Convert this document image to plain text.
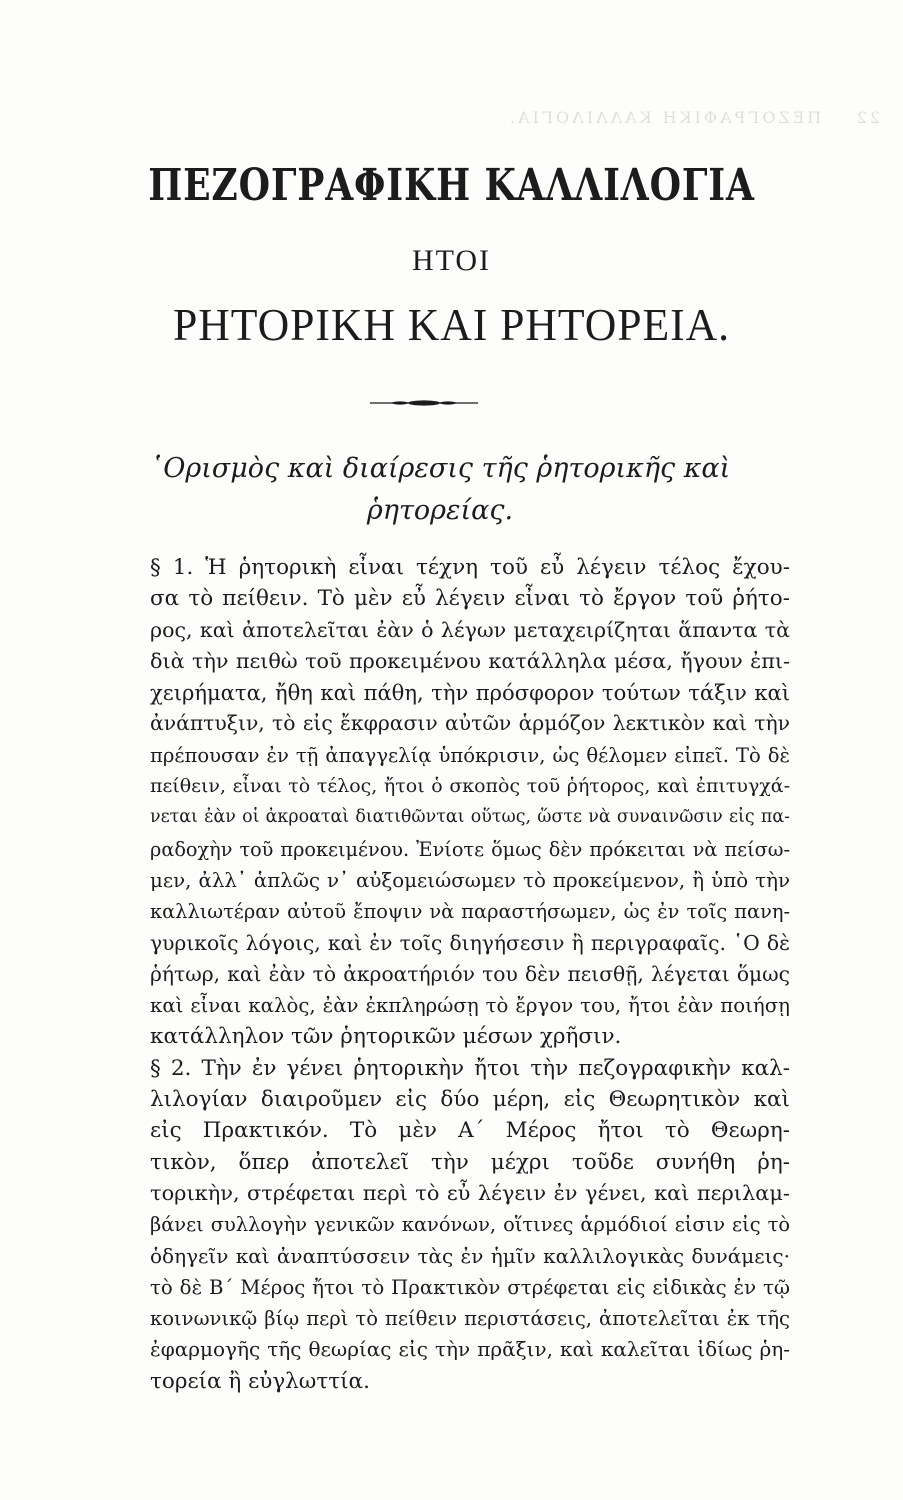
22    ΠΕΖΟΓΡΑΦΙΚΗ ΚΑΛΛΙΛΟΓΙΑ.
ΠΕΖΟΓΡΑΦΙΚΗ ΚΑΛΛΙΛΟΓΙΑ
ΗΤΟΙ
ΡΗΤΟΡΙΚΗ ΚΑΙ ΡΗΤΟΡΕΙΑ.
῾Ορισμὸς καὶ διαίρεσις τῆς ῥητορικῆς καὶ
ῥητορείας.
§ 1. Ἡ ῥητορικὴ εἶναι τέχνη τοῦ εὖ λέγειν τέλος ἔχου-
σα τὸ πείθειν. Τὸ μὲν εὖ λέγειν εἶναι τὸ ἔργον τοῦ ῥήτο-
ρος, καὶ ἀποτελεῖται ἐὰν ὁ λέγων μεταχειρίζηται ἅπαντα τὰ
διὰ τὴν πειθὼ τοῦ προκειμένου κατάλληλα μέσα, ἤγουν ἐπι-
χειρήματα, ἤθη καὶ πάθη, τὴν πρόσφορον τούτων τάξιν καὶ
ἀνάπτυξιν, τὸ εἰς ἔκφρασιν αὐτῶν ἁρμόζον λεκτικὸν καὶ τὴν
πρέπουσαν ἐν τῇ ἀπαγγελίᾳ ὑπόκρισιν, ὡς θέλομεν εἰπεῖ. Τὸ δὲ
πείθειν, εἶναι τὸ τέλος, ἤτοι ὁ σκοπὸς τοῦ ῥήτορος, καὶ ἐπιτυγχά-
νεται ἐὰν οἱ ἀκροαταὶ διατιθῶνται οὕτως, ὥστε νὰ συναινῶσιν εἰς πα-
ραδοχὴν τοῦ προκειμένου. Ἐνίοτε ὅμως δὲν πρόκειται νὰ πείσω-
μεν, ἀλλ᾽ ἁπλῶς ν᾽ αὐξομειώσωμεν τὸ προκείμενον, ἢ ὑπὸ τὴν
καλλιωτέραν αὐτοῦ ἔποψιν νὰ παραστήσωμεν, ὡς ἐν τοῖς πανη-
γυρικοῖς λόγοις, καὶ ἐν τοῖς διηγήσεσιν ἢ περιγραφαῖς. ῾Ο δὲ
ῥήτωρ, καὶ ἐὰν τὸ ἀκροατήριόν του δὲν πεισθῇ, λέγεται ὅμως
καὶ εἶναι καλὸς, ἐὰν ἐκπληρώσῃ τὸ ἔργον του, ἤτοι ἐὰν ποιήσῃ
κατάλληλον τῶν ῥητορικῶν μέσων χρῆσιν.
§ 2. Τὴν ἐν γένει ῥητορικὴν ἤτοι τὴν πεζογραφικὴν καλ-
λιλογίαν διαιροῦμεν εἰς δύο μέρη, εἰς Θεωρητικὸν καὶ
εἰς Πρακτικόν. Τὸ μὲν Α΄ Μέρος ἤτοι τὸ Θεωρη-
τικὸν, ὅπερ ἀποτελεῖ τὴν μέχρι τοῦδε συνήθη ῥη-
τορικὴν, στρέφεται περὶ τὸ εὖ λέγειν ἐν γένει, καὶ περιλαμ-
βάνει συλλογὴν γενικῶν κανόνων, οἵτινες ἁρμόδιοί εἰσιν εἰς τὸ
ὁδηγεῖν καὶ ἀναπτύσσειν τὰς ἐν ἡμῖν καλλιλογικὰς δυνάμεις·
τὸ δὲ Β΄ Μέρος ἤτοι τὸ Πρακτικὸν στρέφεται εἰς εἰδικὰς ἐν τῷ
κοινωνικῷ βίῳ περὶ τὸ πείθειν περιστάσεις, ἀποτελεῖται ἐκ τῆς
ἐφαρμογῆς τῆς θεωρίας εἰς τὴν πρᾶξιν, καὶ καλεῖται ἰδίως ῥη-
τορεία ἢ εὐγλωττία.
